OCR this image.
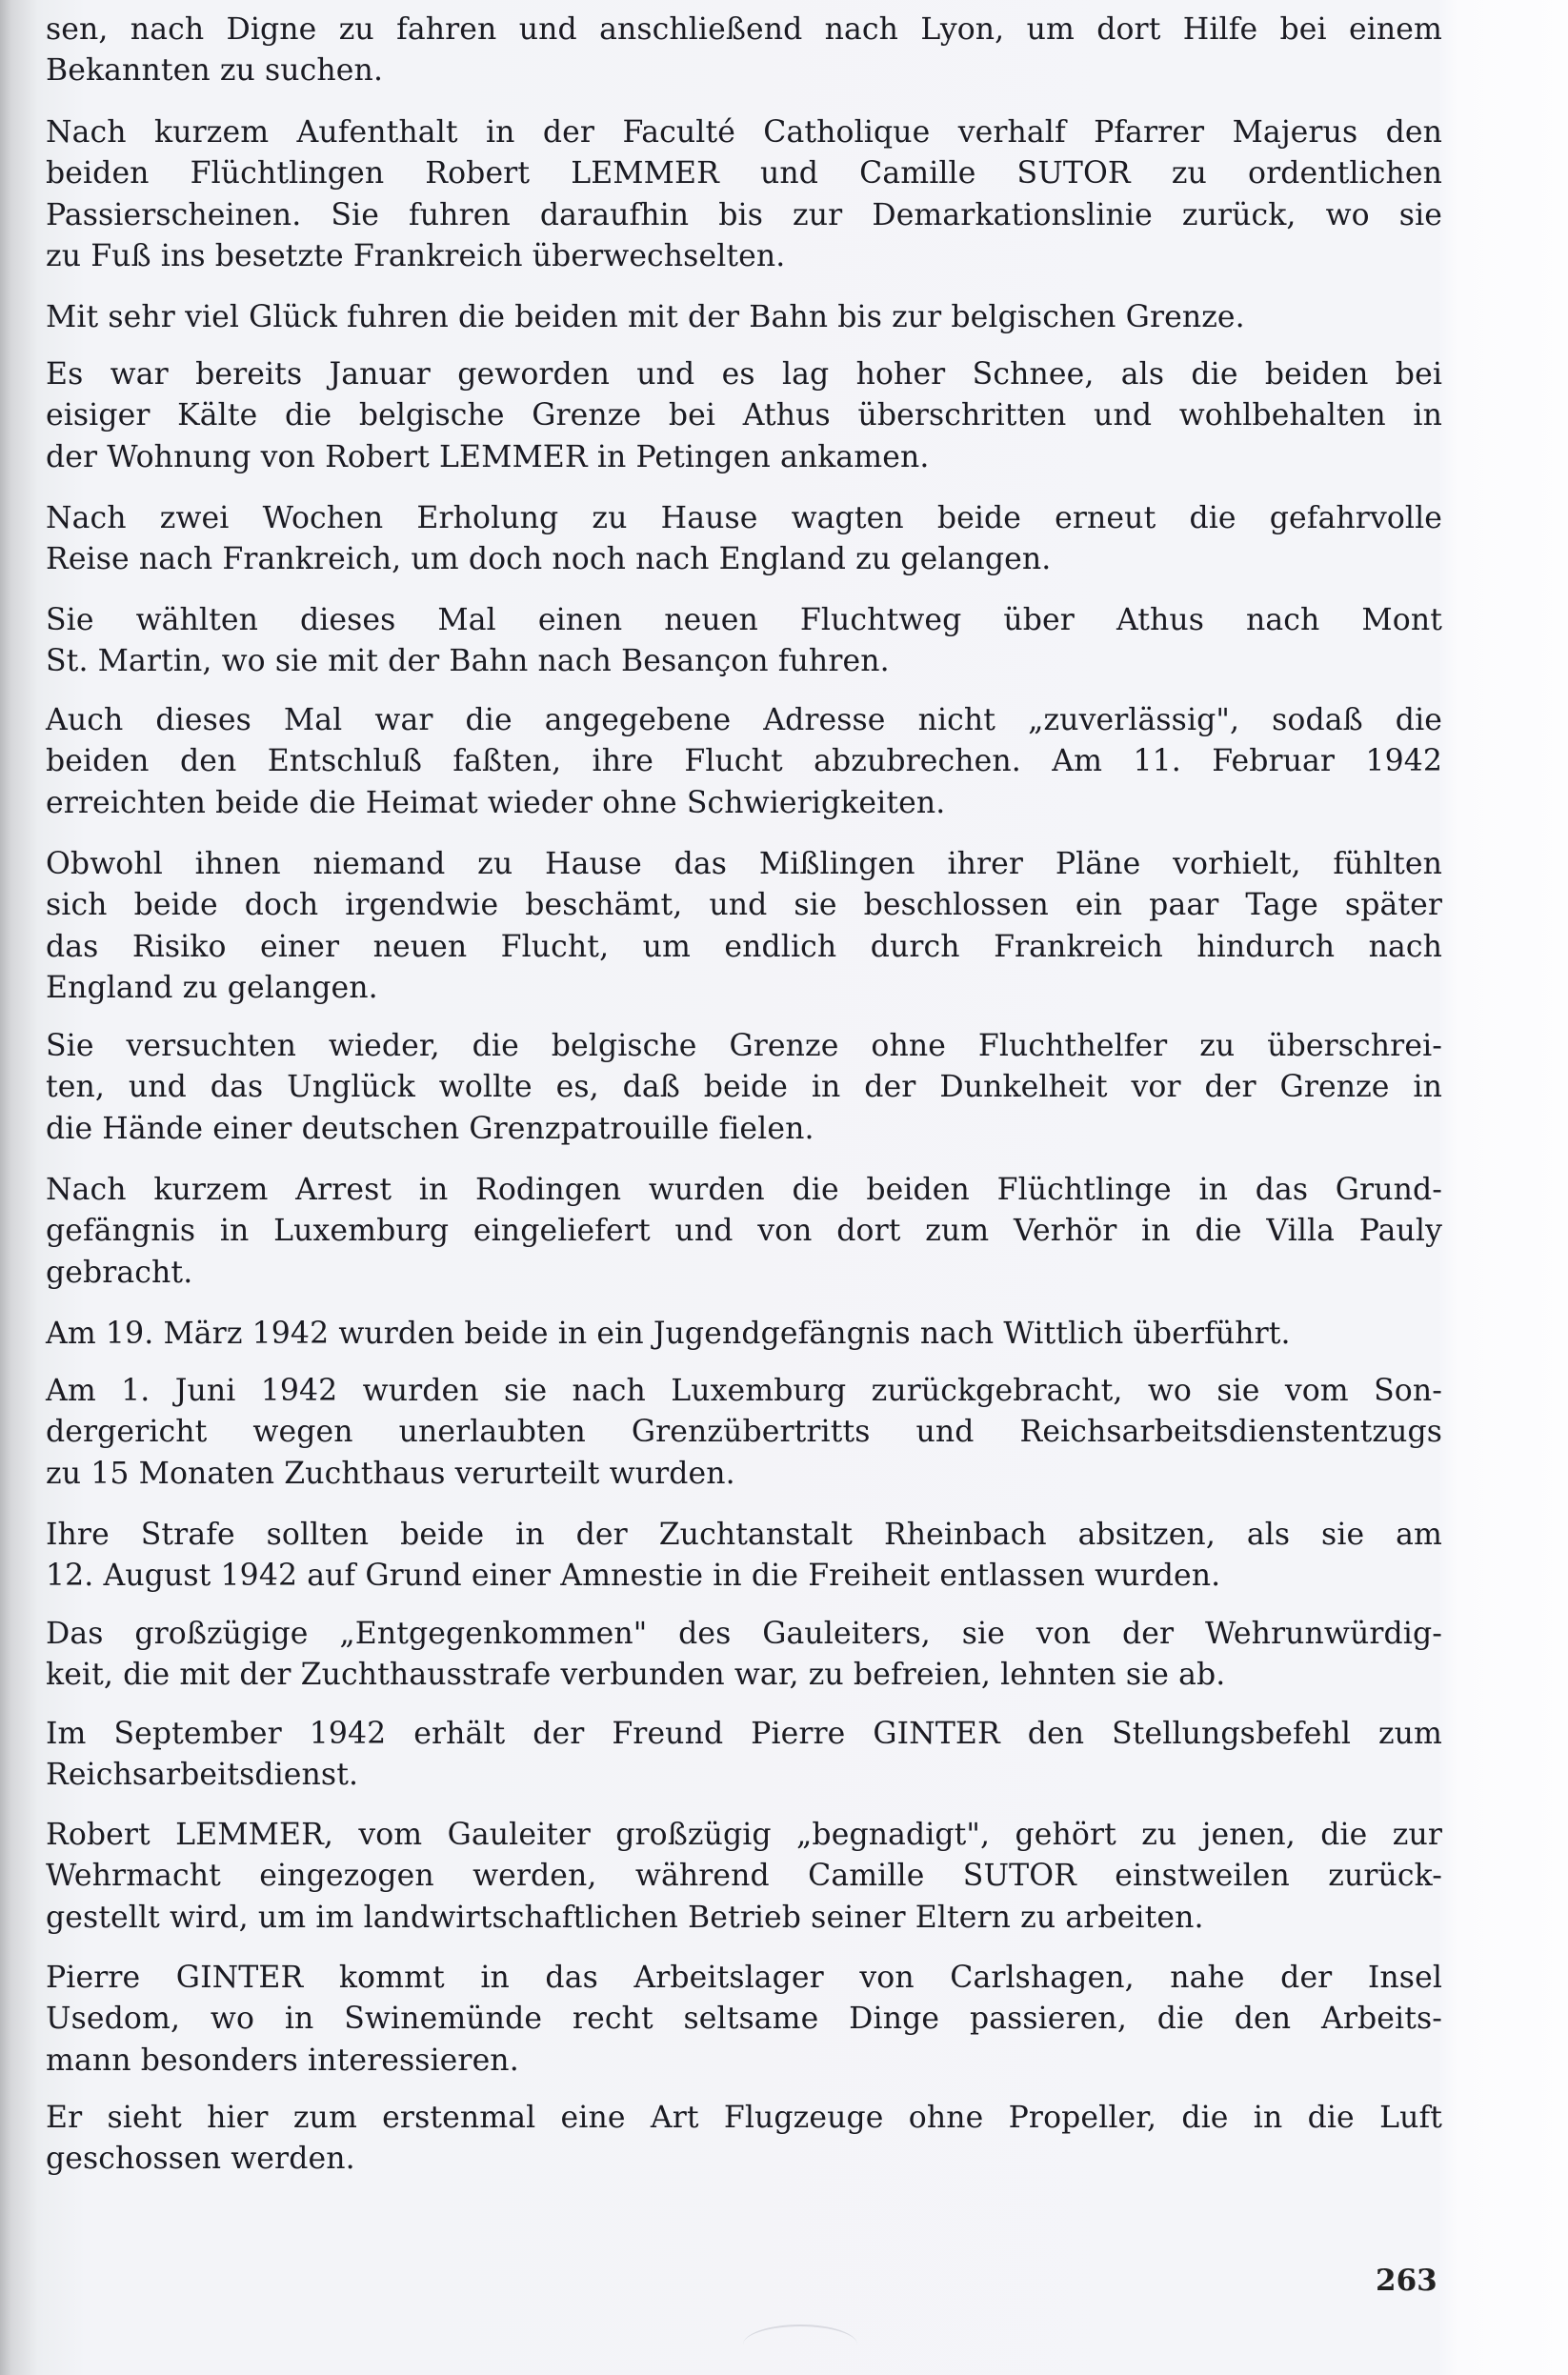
sen, nach Digne zu fahren und anschließend nach Lyon, um dort Hilfe bei einem
Bekannten zu suchen.
Nach kurzem Aufenthalt in der Faculté Catholique verhalf Pfarrer Majerus den
beiden Flüchtlingen Robert LEMMER und Camille SUTOR zu ordentlichen
Passierscheinen. Sie fuhren daraufhin bis zur Demarkationslinie zurück, wo sie
zu Fuß ins besetzte Frankreich überwechselten.
Mit sehr viel Glück fuhren die beiden mit der Bahn bis zur belgischen Grenze.
Es war bereits Januar geworden und es lag hoher Schnee, als die beiden bei
eisiger Kälte die belgische Grenze bei Athus überschritten und wohlbehalten in
der Wohnung von Robert LEMMER in Petingen ankamen.
Nach zwei Wochen Erholung zu Hause wagten beide erneut die gefahrvolle
Reise nach Frankreich, um doch noch nach England zu gelangen.
Sie wählten dieses Mal einen neuen Fluchtweg über Athus nach Mont
St. Martin, wo sie mit der Bahn nach Besançon fuhren.
Auch dieses Mal war die angegebene Adresse nicht „zuverlässig", sodaß die
beiden den Entschluß faßten, ihre Flucht abzubrechen. Am 11. Februar 1942
erreichten beide die Heimat wieder ohne Schwierigkeiten.
Obwohl ihnen niemand zu Hause das Mißlingen ihrer Pläne vorhielt, fühlten
sich beide doch irgendwie beschämt, und sie beschlossen ein paar Tage später
das Risiko einer neuen Flucht, um endlich durch Frankreich hindurch nach
England zu gelangen.
Sie versuchten wieder, die belgische Grenze ohne Fluchthelfer zu überschrei-
ten, und das Unglück wollte es, daß beide in der Dunkelheit vor der Grenze in
die Hände einer deutschen Grenzpatrouille fielen.
Nach kurzem Arrest in Rodingen wurden die beiden Flüchtlinge in das Grund-
gefängnis in Luxemburg eingeliefert und von dort zum Verhör in die Villa Pauly
gebracht.
Am 19. März 1942 wurden beide in ein Jugendgefängnis nach Wittlich überführt.
Am 1. Juni 1942 wurden sie nach Luxemburg zurückgebracht, wo sie vom Son-
dergericht wegen unerlaubten Grenzübertritts und Reichsarbeitsdienstentzugs
zu 15 Monaten Zuchthaus verurteilt wurden.
Ihre Strafe sollten beide in der Zuchtanstalt Rheinbach absitzen, als sie am
12. August 1942 auf Grund einer Amnestie in die Freiheit entlassen wurden.
Das großzügige „Entgegenkommen" des Gauleiters, sie von der Wehrunwürdig-
keit, die mit der Zuchthausstrafe verbunden war, zu befreien, lehnten sie ab.
Im September 1942 erhält der Freund Pierre GINTER den Stellungsbefehl zum
Reichsarbeitsdienst.
Robert LEMMER, vom Gauleiter großzügig „begnadigt", gehört zu jenen, die zur
Wehrmacht eingezogen werden, während Camille SUTOR einstweilen zurück-
gestellt wird, um im landwirtschaftlichen Betrieb seiner Eltern zu arbeiten.
Pierre GINTER kommt in das Arbeitslager von Carlshagen, nahe der Insel
Usedom, wo in Swinemünde recht seltsame Dinge passieren, die den Arbeits-
mann besonders interessieren.
Er sieht hier zum erstenmal eine Art Flugzeuge ohne Propeller, die in die Luft
geschossen werden.
263
